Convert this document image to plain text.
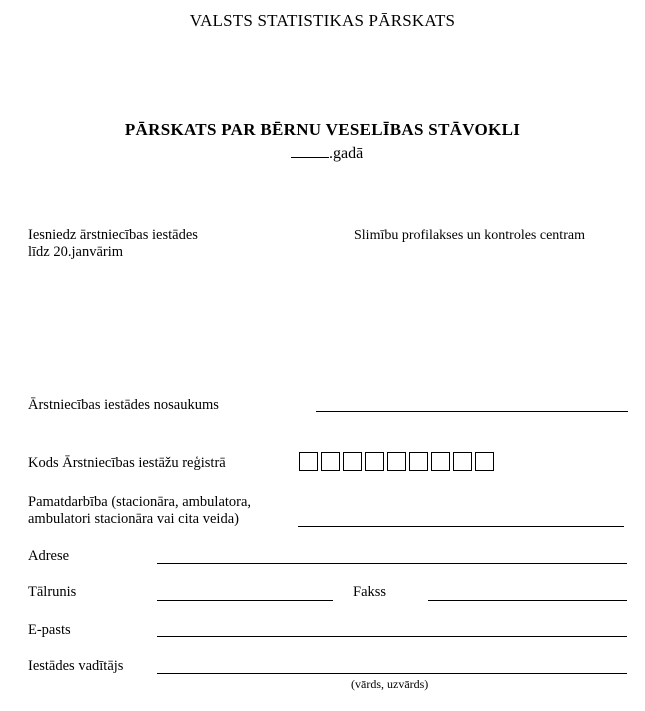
VALSTS STATISTIKAS PĀRSKATS
PĀRSKATS PAR BĒRNU VESELĪBAS STĀVOKLI
.gadā
Iesniedz ārstniecības iestādes
līdz 20.janvārim
Slimību profilakses un kontroles centram
Ārstniecības iestādes nosaukums
Kods Ārstniecības iestāžu reģistrā
Pamatdarbība (stacionāra, ambulatora,
ambulatori stacionāra vai cita veida)
Adrese
Tālrunis	Fakss
E-pasts
Iestādes vadītājs
(vārds, uzvārds)
